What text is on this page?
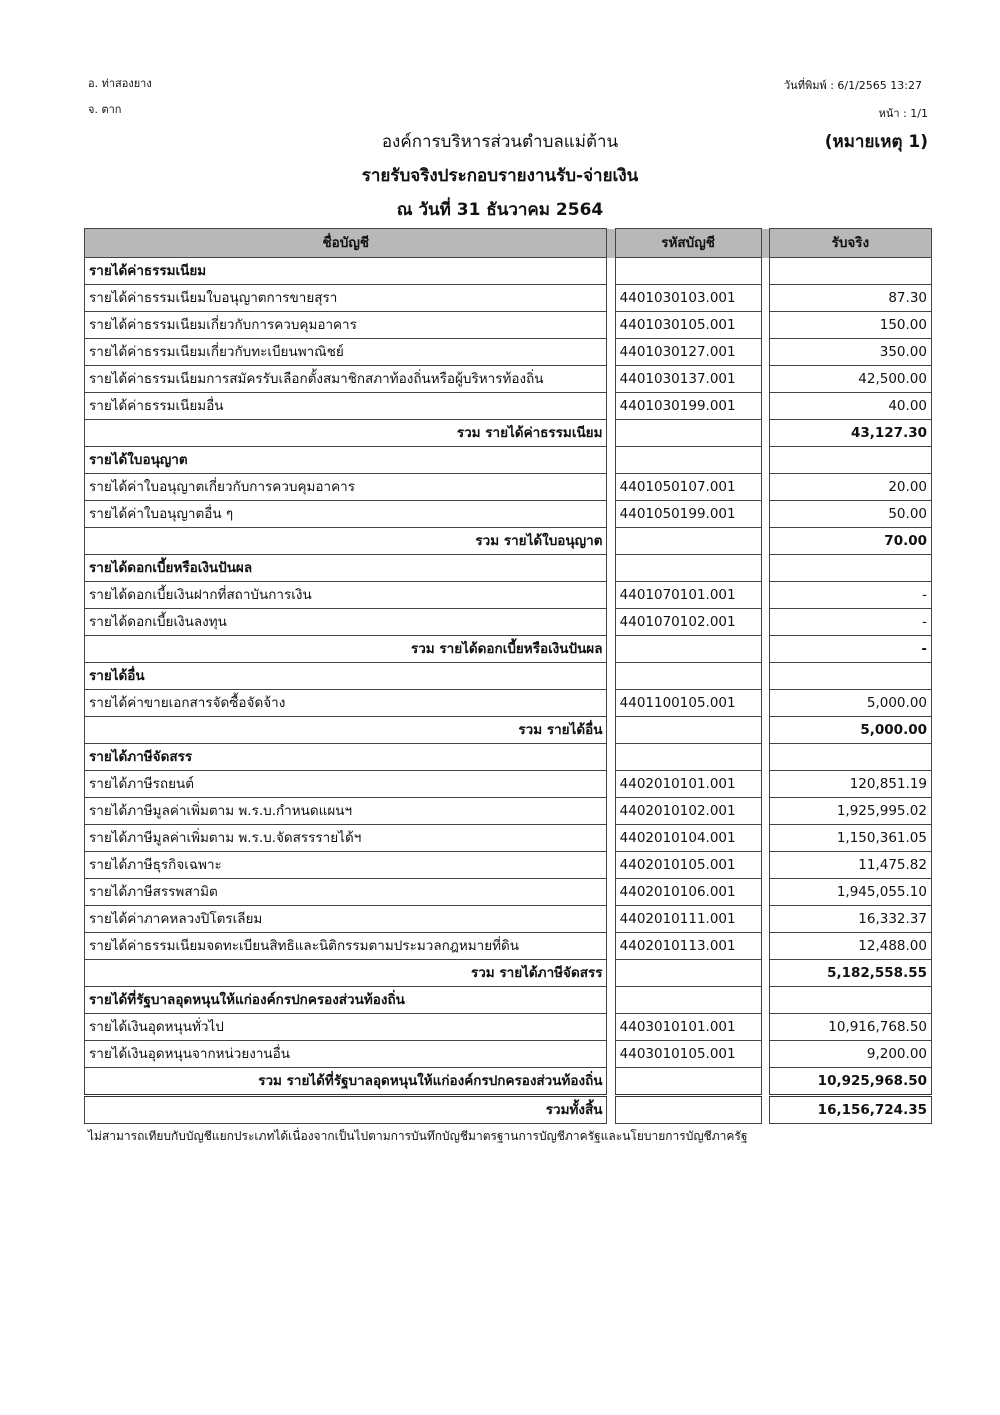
อ. ท่าสองยาง
จ. ตาก
วันที่พิมพ์ : 6/1/2565 13:27
หน้า : 1/1
องค์การบริหารส่วนตำบลแม่ต้าน	(หมายเหตุ 1)
รายรับจริงประกอบรายงานรับ-จ่ายเงิน
ณ วันที่ 31 ธันวาคม 2564
ชื่อบัญชี		รหัสบัญชี		รับจริง
รายได้ค่าธรรมเนียม				
รายได้ค่าธรรมเนียมใบอนุญาตการขายสุรา		4401030103.001		87.30
รายได้ค่าธรรมเนียมเกี่ยวกับการควบคุมอาคาร		4401030105.001		150.00
รายได้ค่าธรรมเนียมเกี่ยวกับทะเบียนพาณิชย์		4401030127.001		350.00
รายได้ค่าธรรมเนียมการสมัครรับเลือกตั้งสมาชิกสภาท้องถิ่นหรือผู้บริหารท้องถิ่น		4401030137.001		42,500.00
รายได้ค่าธรรมเนียมอื่น		4401030199.001		40.00
รวม รายได้ค่าธรรมเนียม				43,127.30
รายได้ใบอนุญาต				
รายได้ค่าใบอนุญาตเกี่ยวกับการควบคุมอาคาร		4401050107.001		20.00
รายได้ค่าใบอนุญาตอื่น ๆ		4401050199.001		50.00
รวม รายได้ใบอนุญาต				70.00
รายได้ดอกเบี้ยหรือเงินปันผล				
รายได้ดอกเบี้ยเงินฝากที่สถาบันการเงิน		4401070101.001		-
รายได้ดอกเบี้ยเงินลงทุน		4401070102.001		-
รวม รายได้ดอกเบี้ยหรือเงินปันผล				-
รายได้อื่น				
รายได้ค่าขายเอกสารจัดซื้อจัดจ้าง		4401100105.001		5,000.00
รวม รายได้อื่น				5,000.00
รายได้ภาษีจัดสรร				
รายได้ภาษีรถยนต์		4402010101.001		120,851.19
รายได้ภาษีมูลค่าเพิ่มตาม พ.ร.บ.กำหนดแผนฯ		4402010102.001		1,925,995.02
รายได้ภาษีมูลค่าเพิ่มตาม พ.ร.บ.จัดสรรรายได้ฯ		4402010104.001		1,150,361.05
รายได้ภาษีธุรกิจเฉพาะ		4402010105.001		11,475.82
รายได้ภาษีสรรพสามิต		4402010106.001		1,945,055.10
รายได้ค่าภาคหลวงปิโตรเลียม		4402010111.001		16,332.37
รายได้ค่าธรรมเนียมจดทะเบียนสิทธิและนิติกรรมตามประมวลกฎหมายที่ดิน		4402010113.001		12,488.00
รวม รายได้ภาษีจัดสรร				5,182,558.55
รายได้ที่รัฐบาลอุดหนุนให้แก่องค์กรปกครองส่วนท้องถิ่น				
รายได้เงินอุดหนุนทั่วไป		4403010101.001		10,916,768.50
รายได้เงินอุดหนุนจากหน่วยงานอื่น		4403010105.001		9,200.00
รวม รายได้ที่รัฐบาลอุดหนุนให้แก่องค์กรปกครองส่วนท้องถิ่น				10,925,968.50
รวมทั้งสิ้น				16,156,724.35
ไม่สามารถเทียบกับบัญชีแยกประเภทได้เนื่องจากเป็นไปตามการบันทึกบัญชีมาตรฐานการบัญชีภาครัฐและนโยบายการบัญชีภาครัฐ
